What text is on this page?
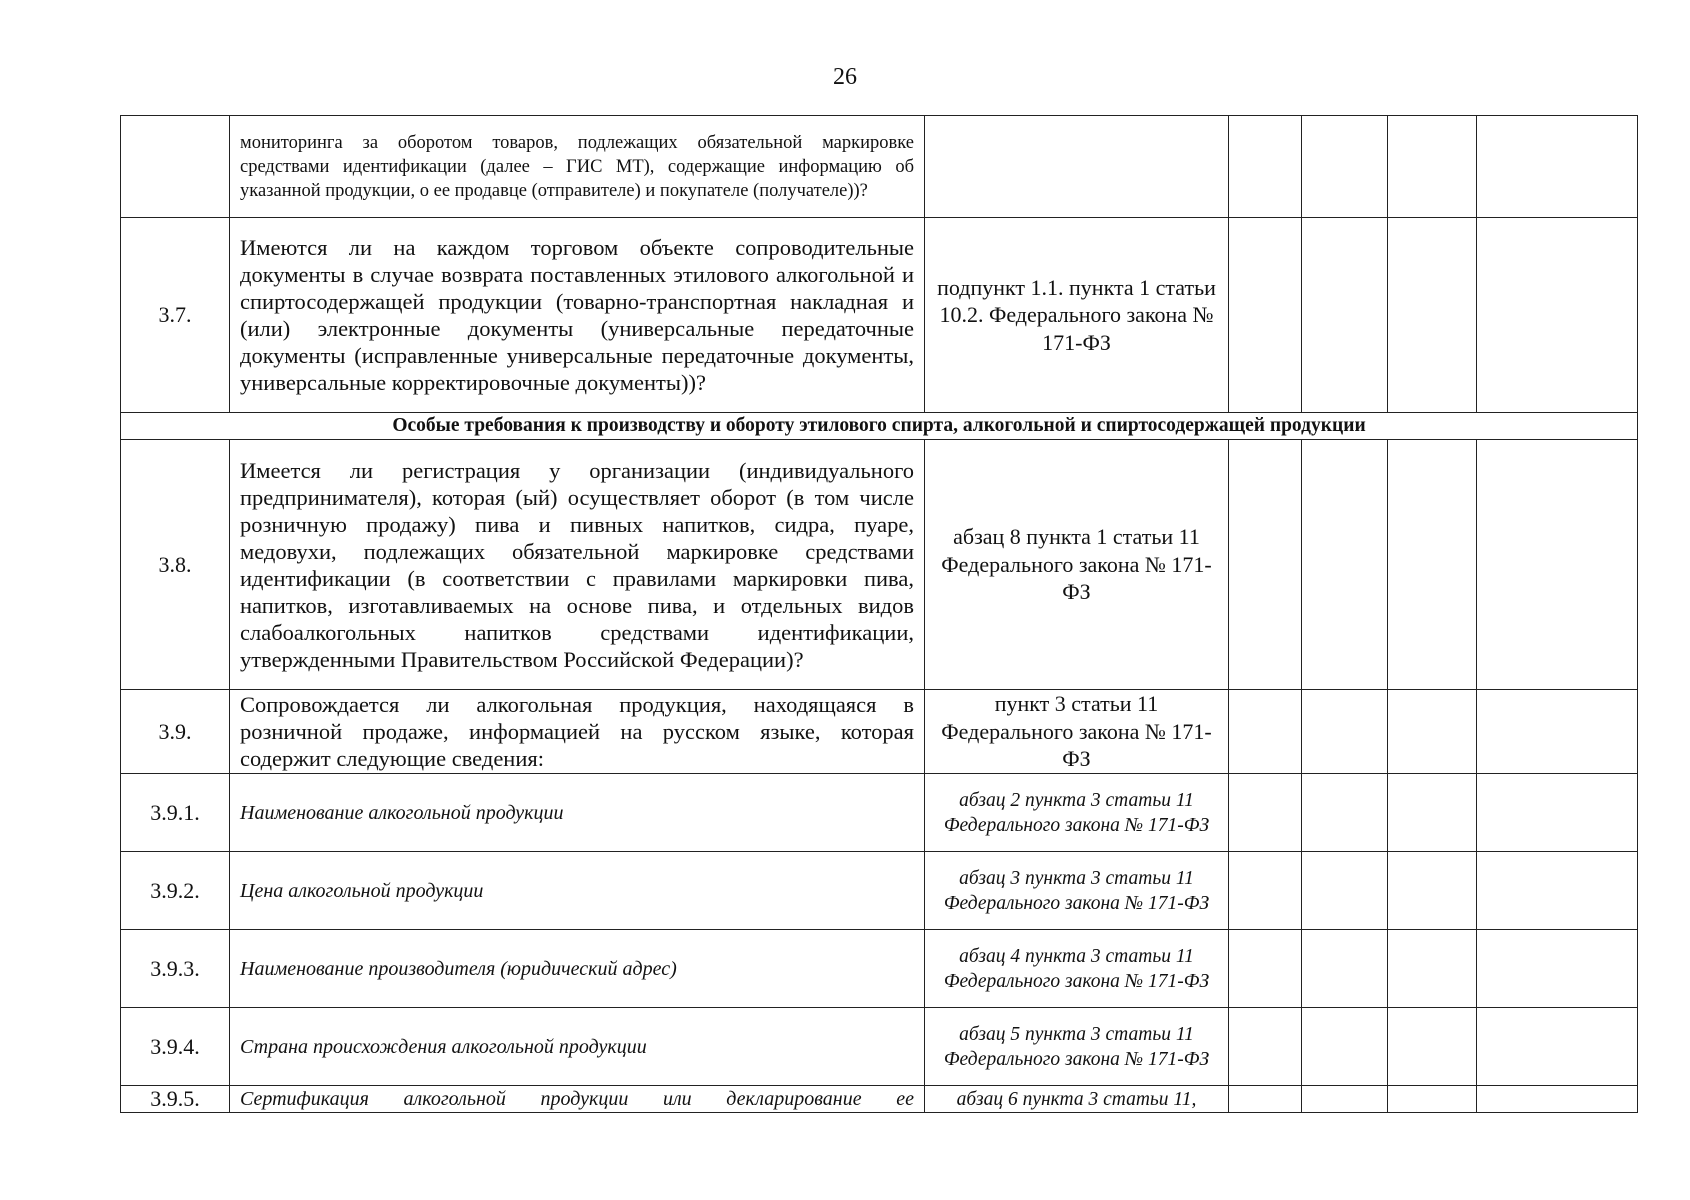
26
	мониторинга за оборотом товаров, подлежащих обязательной маркировке средствами идентификации (далее – ГИС МТ), содержащие информацию об указанной продукции, о ее продавце (отправителе) и покупателе (получателе))?					
3.7.	Имеются ли на каждом торговом объекте сопроводительные документы в случае возврата поставленных этилового алкогольной и спиртосодержащей продукции (товарно-транспортная накладная и (или) электронные документы (универсальные передаточные документы (исправленные универсальные передаточные документы, универсальные корректировочные документы))?	подпункт 1.1. пункта 1 статьи 10.2. Федерального закона № 171-ФЗ				
Особые требования к производству и обороту этилового спирта, алкогольной и спиртосодержащей продукции						
3.8.	Имеется ли регистрация у организации (индивидуального предпринимателя), которая (ый) осуществляет оборот (в том числе розничную продажу) пива и пивных напитков, сидра, пуаре, медовухи, подлежащих обязательной маркировке средствами идентификации (в соответствии с правилами маркировки пива, напитков, изготавливаемых на основе пива, и отдельных видов слабоалкогольных напитков средствами идентификации, утвержденными Правительством Российской Федерации)?	абзац 8 пункта 1 статьи 11 Федерального закона № 171-ФЗ				
3.9.	Сопровождается ли алкогольная продукция, находящаяся в розничной продаже, информацией на русском языке, которая содержит следующие сведения:	пункт 3 статьи 11 Федерального закона № 171-ФЗ				
3.9.1.	Наименование алкогольной продукции	абзац 2 пункта 3 статьи 11 Федерального закона № 171-ФЗ				
3.9.2.	Цена алкогольной продукции	абзац 3 пункта 3 статьи 11 Федерального закона № 171-ФЗ				
3.9.3.	Наименование производителя (юридический адрес)	абзац 4 пункта 3 статьи 11 Федерального закона № 171-ФЗ				
3.9.4.	Страна происхождения алкогольной продукции	абзац 5 пункта 3 статьи 11 Федерального закона № 171-ФЗ				
3.9.5.	Сертификация алкогольной продукции или декларирование ее	абзац 6 пункта 3 статьи 11,				
